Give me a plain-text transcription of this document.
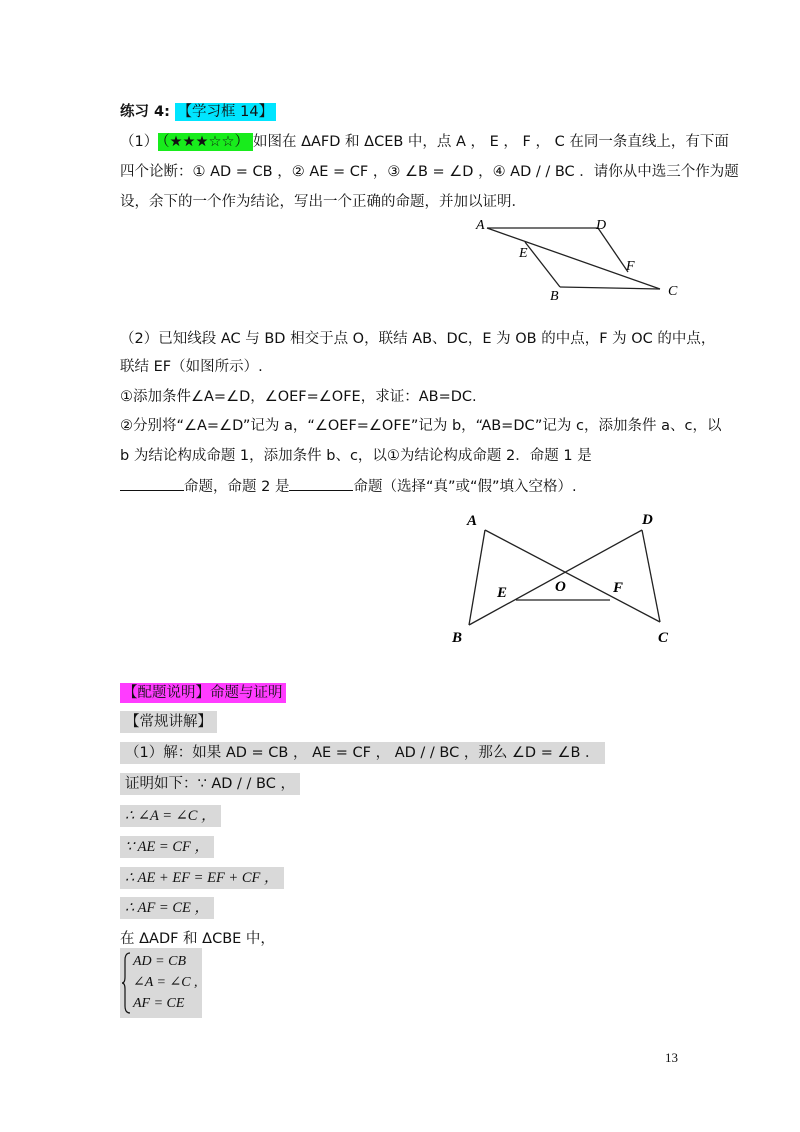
练习 4: 【学习框 14】
（1） （★★★☆☆） 如图在 ΔAFD 和 ΔCEB 中，点 A ， E ， F ， C 在同一条直线上，有下面
四个论断：① AD = CB ，② AE = CF ，③ ∠B = ∠D ，④ AD / / BC ．请你从中选三个作为题
设，余下的一个作为结论，写出一个正确的命题，并加以证明．
A	D
E
F
B	C
（2）已知线段 AC 与 BD 相交于点 O，联结 AB、DC，E 为 OB 的中点，F 为 OC 的中点，
联结 EF（如图所示）.
①添加条件∠A=∠D，∠OEF=∠OFE，求证：AB=DC.
②分别将“∠A=∠D”记为 a，“∠OEF=∠OFE”记为 b，“AB=DC”记为 c，添加条件 a、c，以
b 为结论构成命题 1，添加条件 b、c，以①为结论构成命题 2．命题 1 是
命题，命题 2 是	命题（选择“真”或“假”填入空格）.
A	D
E	O	F
B	C
【配题说明】命题与证明
【常规讲解】
（1）解：如果 AD = CB ， AE = CF ， AD / / BC ，那么 ∠D = ∠B ．
证明如下：∵ AD / / BC ，
∴ ∠A = ∠C ，
∵ AE = CF ，
∴ AE + EF = EF + CF ，
∴ AF = CE ，
在 ΔADF 和 ΔCBE 中，
AD = CB
∠A = ∠C ,
AF = CE
13
